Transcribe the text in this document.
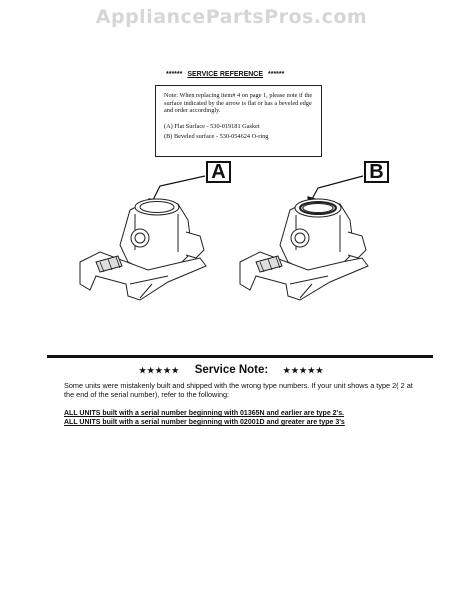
AppliancePartsPros.com
****** SERVICE REFERENCE ******
Note: When replacing item# 4 on page 1, please note if the surface indicated by the arrow is flat or has a beveled edge and order accordingly.
(A) Flat Surface - 530-019181 Gasket
(B) Beveled surface - 530-054624 O-ring
A	B
★★★★★ Service Note: ★★★★★
Some units were mistakenly built and shipped with the wrong type numbers. If your unit shows a type 2( 2 at the end of the serial number), refer to the following:
ALL UNITS built with a serial number beginning with 01365N and earlier are type 2's.
ALL UNITS built with a serial number beginning with 02001D and greater are type 3's
